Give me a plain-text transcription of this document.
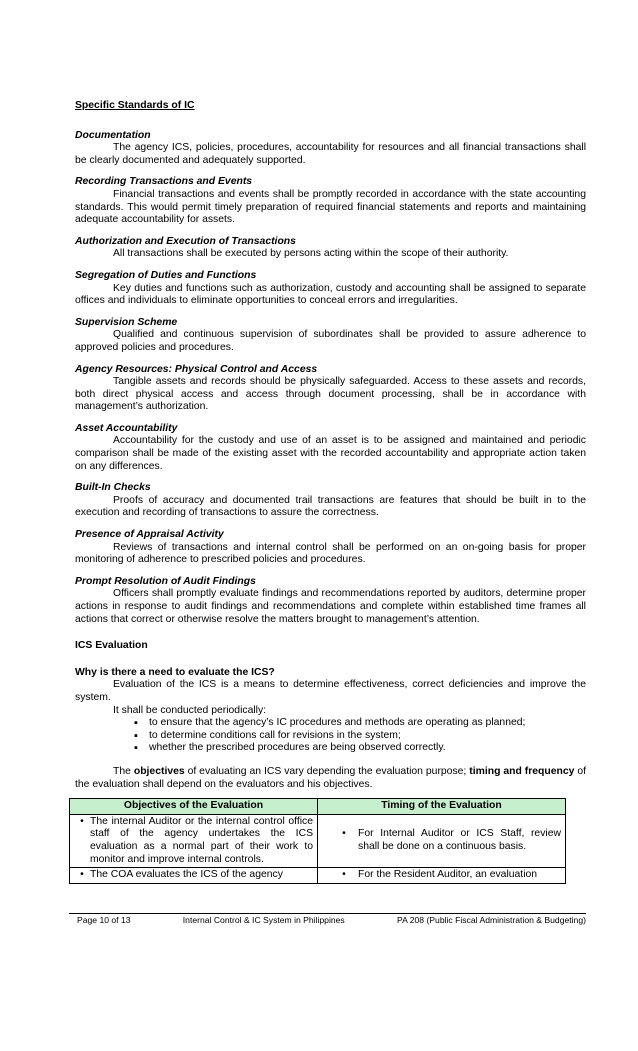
Specific Standards of IC
Documentation
The agency ICS, policies, procedures, accountability for resources and all financial transactions shall be clearly documented and adequately supported.
Recording Transactions and Events
Financial transactions and events shall be promptly recorded in accordance with the state accounting standards. This would permit timely preparation of required financial statements and reports and maintaining adequate accountability for assets.
Authorization and Execution of Transactions
All transactions shall be executed by persons acting within the scope of their authority.
Segregation of Duties and Functions
Key duties and functions such as authorization, custody and accounting shall be assigned to separate offices and individuals to eliminate opportunities to conceal errors and irregularities.
Supervision Scheme
Qualified and continuous supervision of subordinates shall be provided to assure adherence to approved policies and procedures.
Agency Resources: Physical Control and Access
Tangible assets and records should be physically safeguarded. Access to these assets and records, both direct physical access and access through document processing, shall be in accordance with management’s authorization.
Asset Accountability
Accountability for the custody and use of an asset is to be assigned and maintained and periodic comparison shall be made of the existing asset with the recorded accountability and appropriate action taken on any differences.
Built-In Checks
Proofs of accuracy and documented trail transactions are features that should be built in to the execution and recording of transactions to assure the correctness.
Presence of Appraisal Activity
Reviews of transactions and internal control shall be performed on an on-going basis for proper monitoring of adherence to prescribed policies and procedures.
Prompt Resolution of Audit Findings
Officers shall promptly evaluate findings and recommendations reported by auditors, determine proper actions in response to audit findings and recommendations and complete within established time frames all actions that correct or otherwise resolve the matters brought to management’s attention.
ICS Evaluation
Why is there a need to evaluate the ICS?
Evaluation of the ICS is a means to determine effectiveness, correct deficiencies and improve the system.
It shall be conducted periodically:
▪ to ensure that the agency’s IC procedures and methods are operating as planned;
▪ to determine conditions call for revisions in the system;
▪ whether the prescribed procedures are being observed correctly.
The objectives of evaluating an ICS vary depending the evaluation purpose; timing and frequency of the evaluation shall depend on the evaluators and his objectives.
Objectives of the Evaluation	Timing of the Evaluation

• The internal Auditor or the internal control office staff of the agency undertakes the ICS evaluation as a normal part of their work to monitor and improve internal controls.	• For Internal Auditor or ICS Staff, review shall be done on a continuous basis.

• The COA evaluates the ICS of the agency	• For the Resident Auditor, an evaluation
Page 10 of 13	Internal Control & IC System in Philippines	PA 208 (Public Fiscal Administration & Budgeting)
